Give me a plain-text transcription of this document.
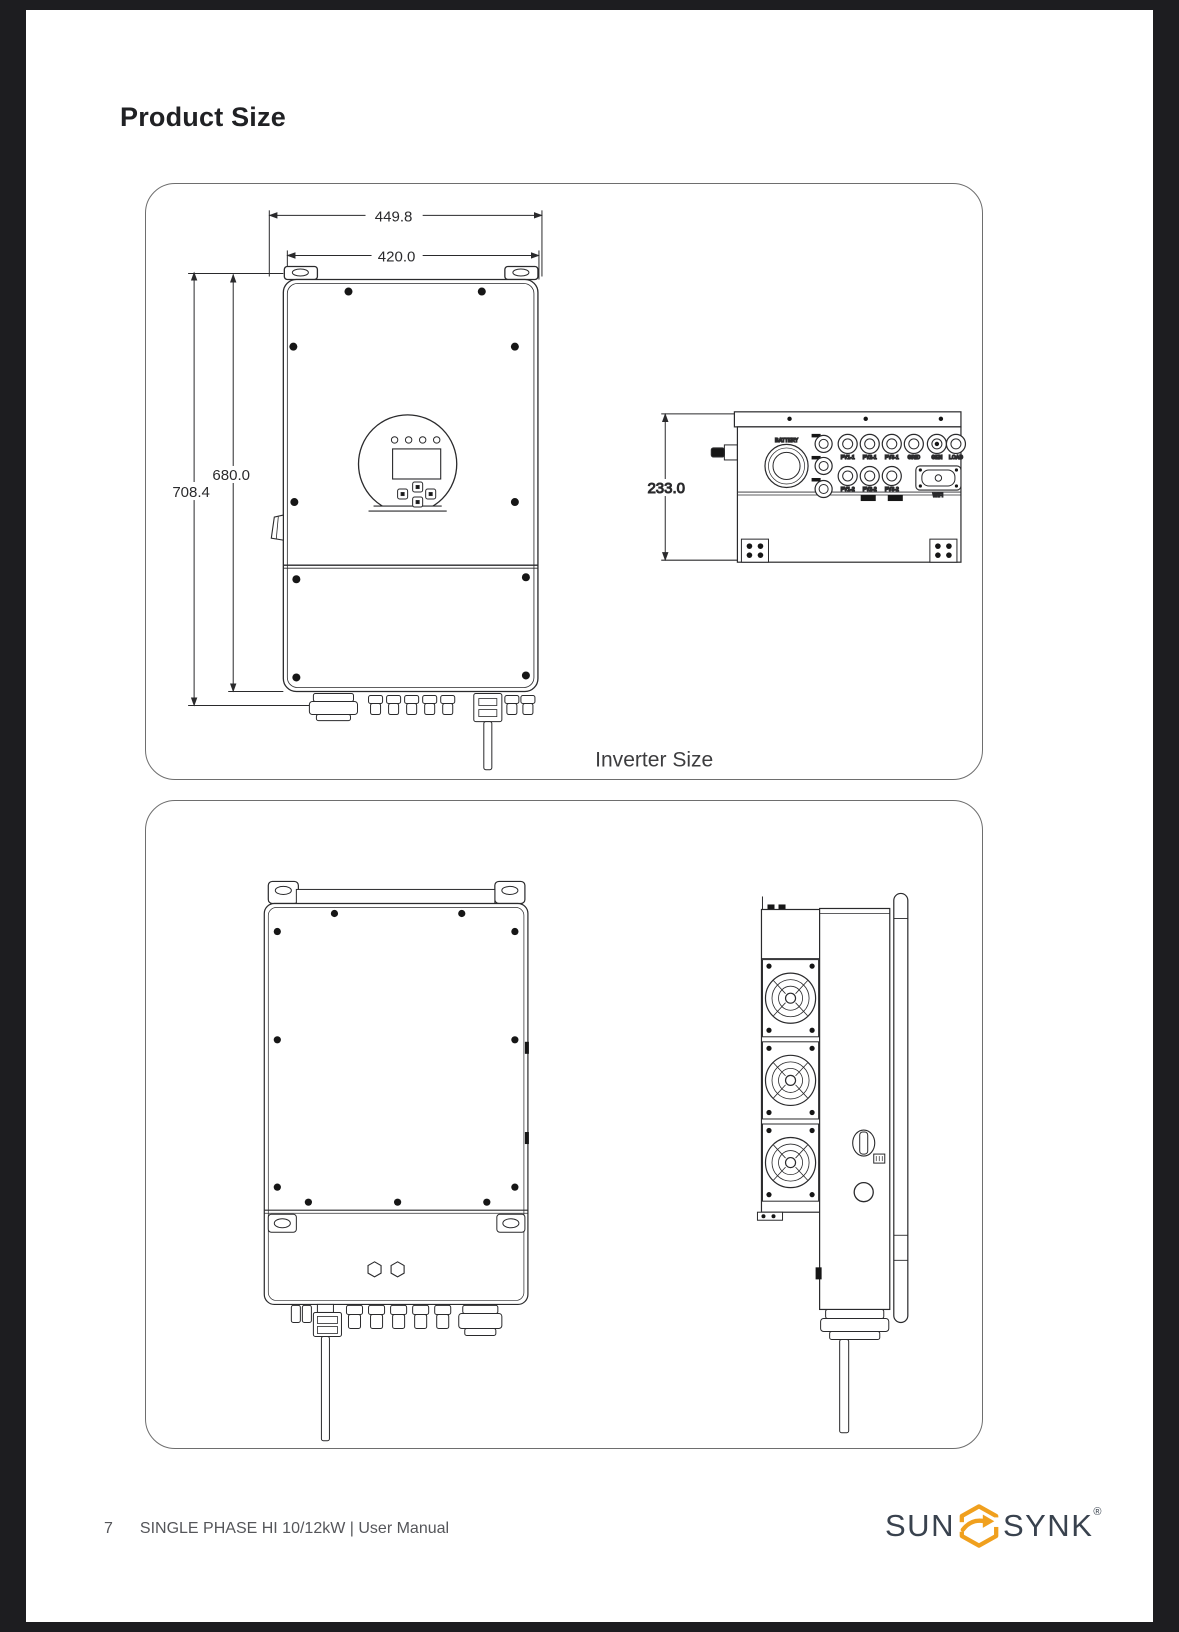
Product Size
449.8
420.0
708.4
680.0
233.0
BATTERY
PV1-1 PV2-1 PV3-1 GRID GEN LOAD
PV1-2 PV2-2 PV3-2
WIFI
Inverter Size
7 SINGLE PHASE HI 10/12kW | User Manual	SUN SYNK ®
